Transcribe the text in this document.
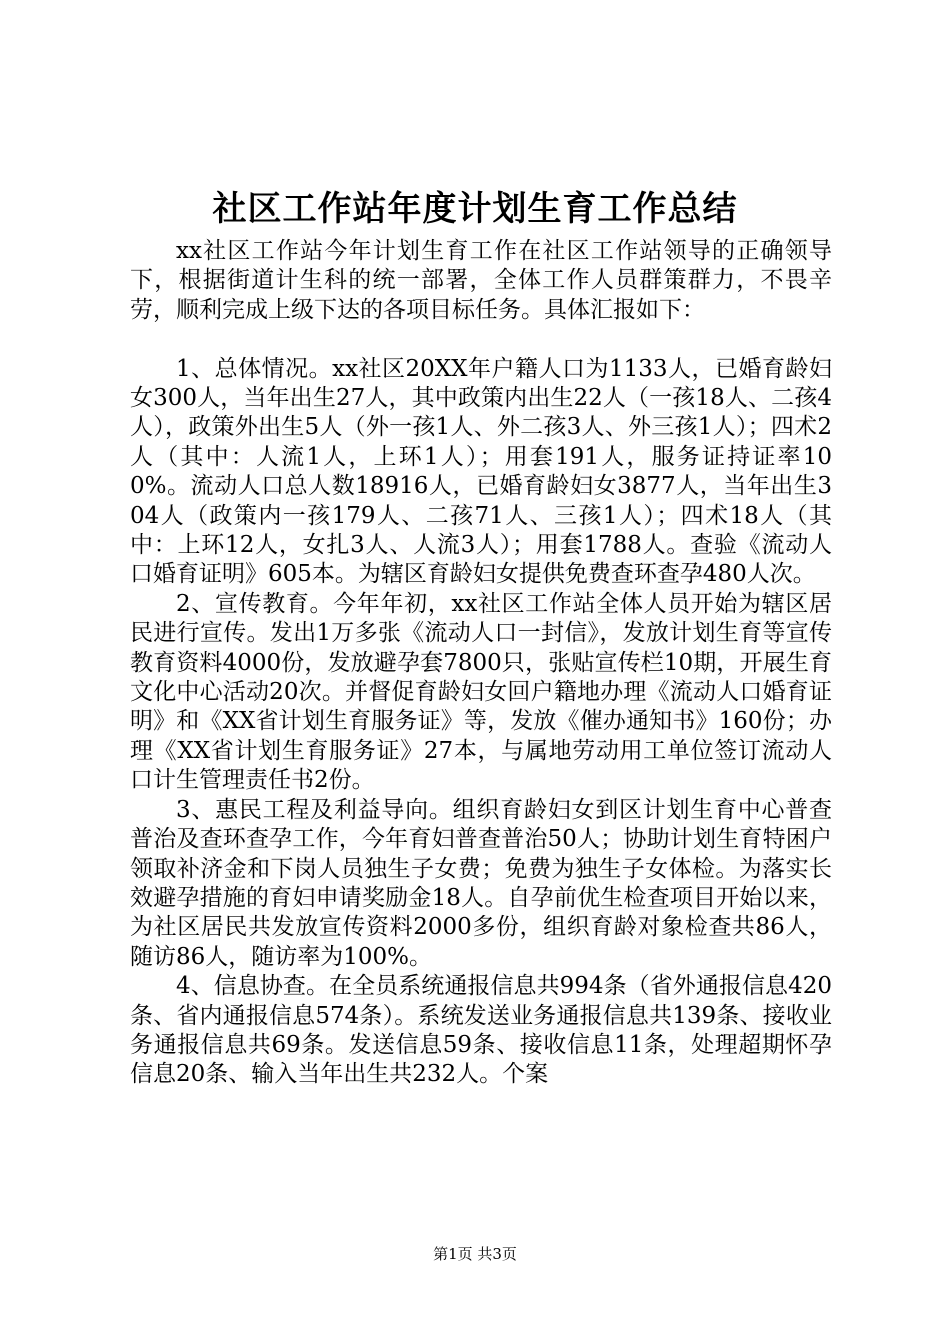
社区工作站年度计划生育工作总结

xx社区工作站今年计划生育工作在社区工作站领导的正确领导下，根据街道计生科的统一部署，全体工作人员群策群力，不畏辛劳，顺利完成上级下达的各项目标任务。具体汇报如下：

1、总体情况。xx社区20XX年户籍人口为1133人，已婚育龄妇女300人，当年出生27人，其中政策内出生22人（一孩18人、二孩4人），政策外出生5人（外一孩1人、外二孩3人、外三孩1人）；四术2人（其中：人流1人，上环1人）；用套191人，服务证持证率100%。流动人口总人数18916人，已婚育龄妇女3877人，当年出生304人（政策内一孩179人、二孩71人、三孩1人）；四术18人（其中：上环12人，女扎3人、人流3人）；用套1788人。查验《流动人口婚育证明》605本。为辖区育龄妇女提供免费查环查孕480人次。

2、宣传教育。今年年初，xx社区工作站全体人员开始为辖区居民进行宣传。发出1万多张《流动人口一封信》，发放计划生育等宣传教育资料4000份，发放避孕套7800只，张贴宣传栏10期，开展生育文化中心活动20次。并督促育龄妇女回户籍地办理《流动人口婚育证明》和《XX省计划生育服务证》等，发放《催办通知书》160份；办理《XX省计划生育服务证》27本，与属地劳动用工单位签订流动人口计生管理责任书2份。

3、惠民工程及利益导向。组织育龄妇女到区计划生育中心普查普治及查环查孕工作，今年育妇普查普治50人；协助计划生育特困户领取补济金和下岗人员独生子女费；免费为独生子女体检。为落实长效避孕措施的育妇申请奖励金18人。自孕前优生检查项目开始以来，为社区居民共发放宣传资料2000多份，组织育龄对象检查共86人，随访86人，随访率为100%。

4、信息协查。在全员系统通报信息共994条（省外通报信息420条、省内通报信息574条）。系统发送业务通报信息共139条、接收业务通报信息共69条。发送信息59条、接收信息11条，处理超期怀孕信息20条、输入当年出生共232人。个案

第1页 共3页
